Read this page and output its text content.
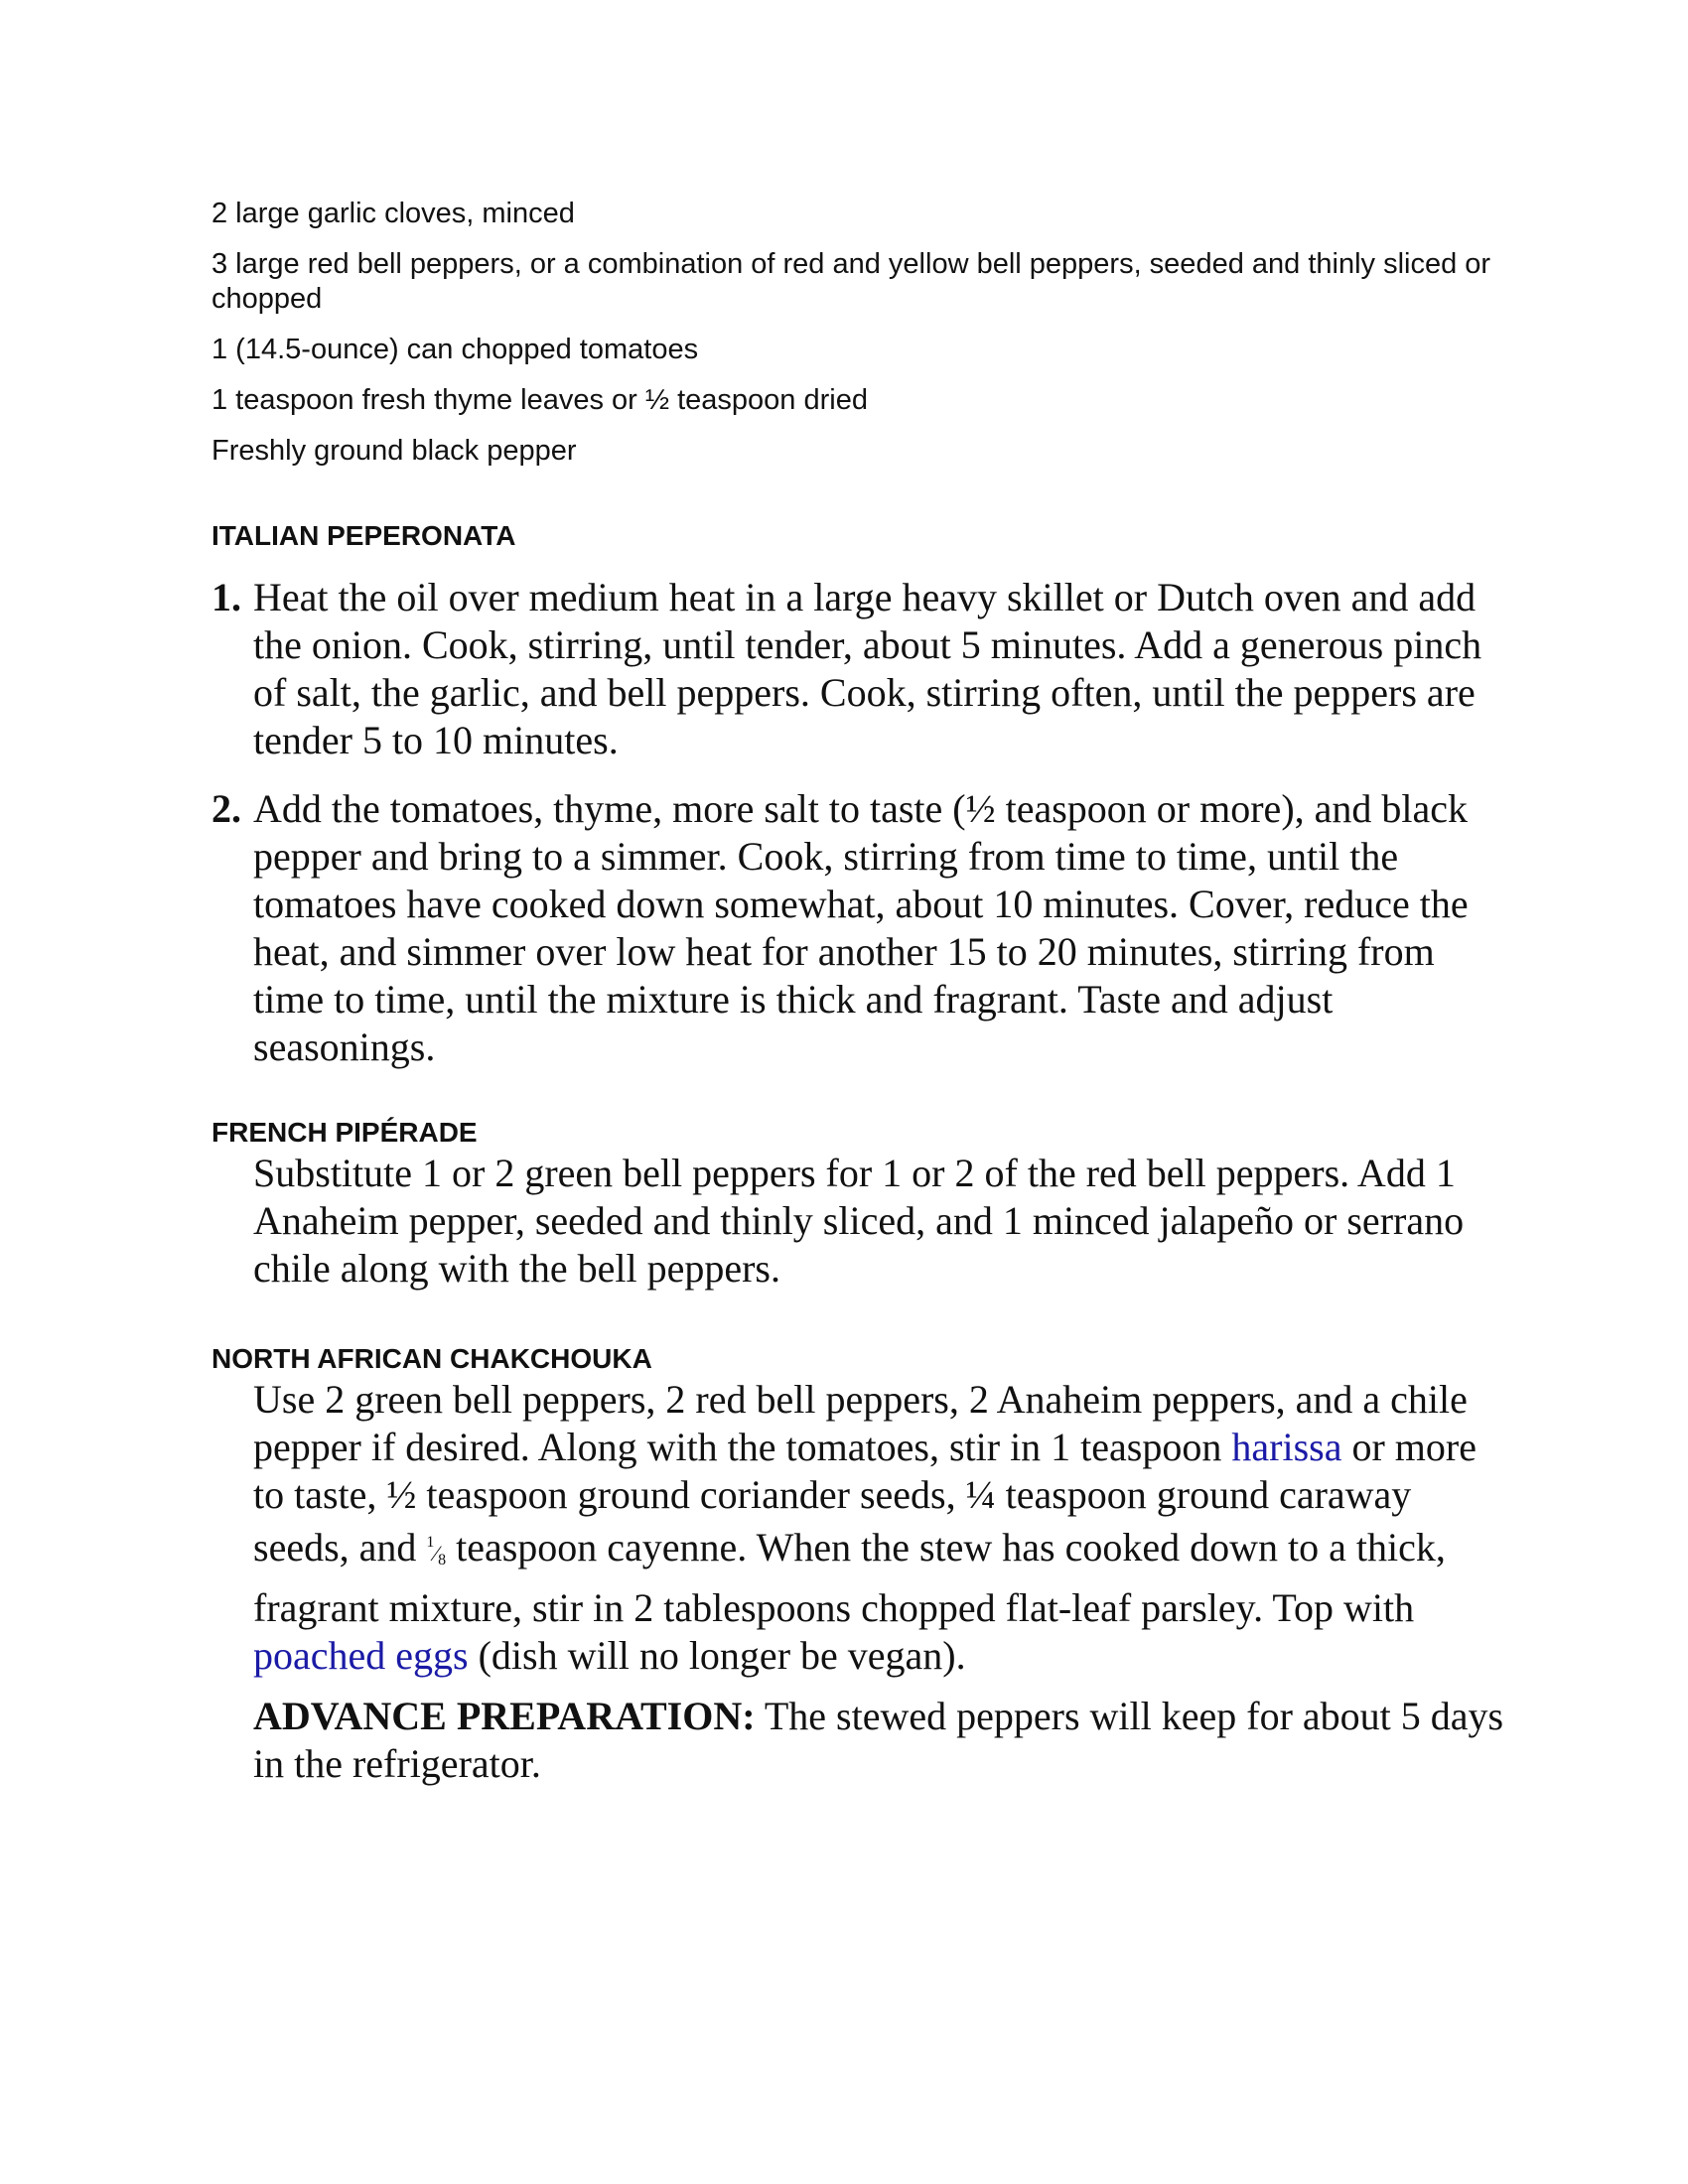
2 large garlic cloves, minced

3 large red bell peppers, or a combination of red and yellow bell peppers, seeded and thinly sliced or chopped

1 (14.5-ounce) can chopped tomatoes

1 teaspoon fresh thyme leaves or ½ teaspoon dried

Freshly ground black pepper

ITALIAN PEPERONATA
1. Heat the oil over medium heat in a large heavy skillet or Dutch oven and add the onion. Cook, stirring, until tender, about 5 minutes. Add a generous pinch of salt, the garlic, and bell peppers. Cook, stirring often, until the peppers are tender 5 to 10 minutes.
2. Add the tomatoes, thyme, more salt to taste (½ teaspoon or more), and black pepper and bring to a simmer. Cook, stirring from time to time, until the tomatoes have cooked down somewhat, about 10 minutes. Cover, reduce the heat, and simmer over low heat for another 15 to 20 minutes, stirring from time to time, until the mixture is thick and fragrant. Taste and adjust seasonings.
FRENCH PIPÉRADE

Substitute 1 or 2 green bell peppers for 1 or 2 of the red bell peppers. Add 1 Anaheim pepper, seeded and thinly sliced, and 1 minced jalapeño or serrano chile along with the bell peppers.

NORTH AFRICAN CHAKCHOUKA

Use 2 green bell peppers, 2 red bell peppers, 2 Anaheim peppers, and a chile pepper if desired. Along with the tomatoes, stir in 1 teaspoon harissa or more to taste, ½ teaspoon ground coriander seeds, ¼ teaspoon ground caraway seeds, and $^1⁄_8$ teaspoon cayenne. When the stew has cooked down to a thick, fragrant mixture, stir in 2 tablespoons chopped flat-leaf parsley. Top with poached eggs (dish will no longer be vegan).

ADVANCE PREPARATION: The stewed peppers will keep for about 5 days in the refrigerator.
